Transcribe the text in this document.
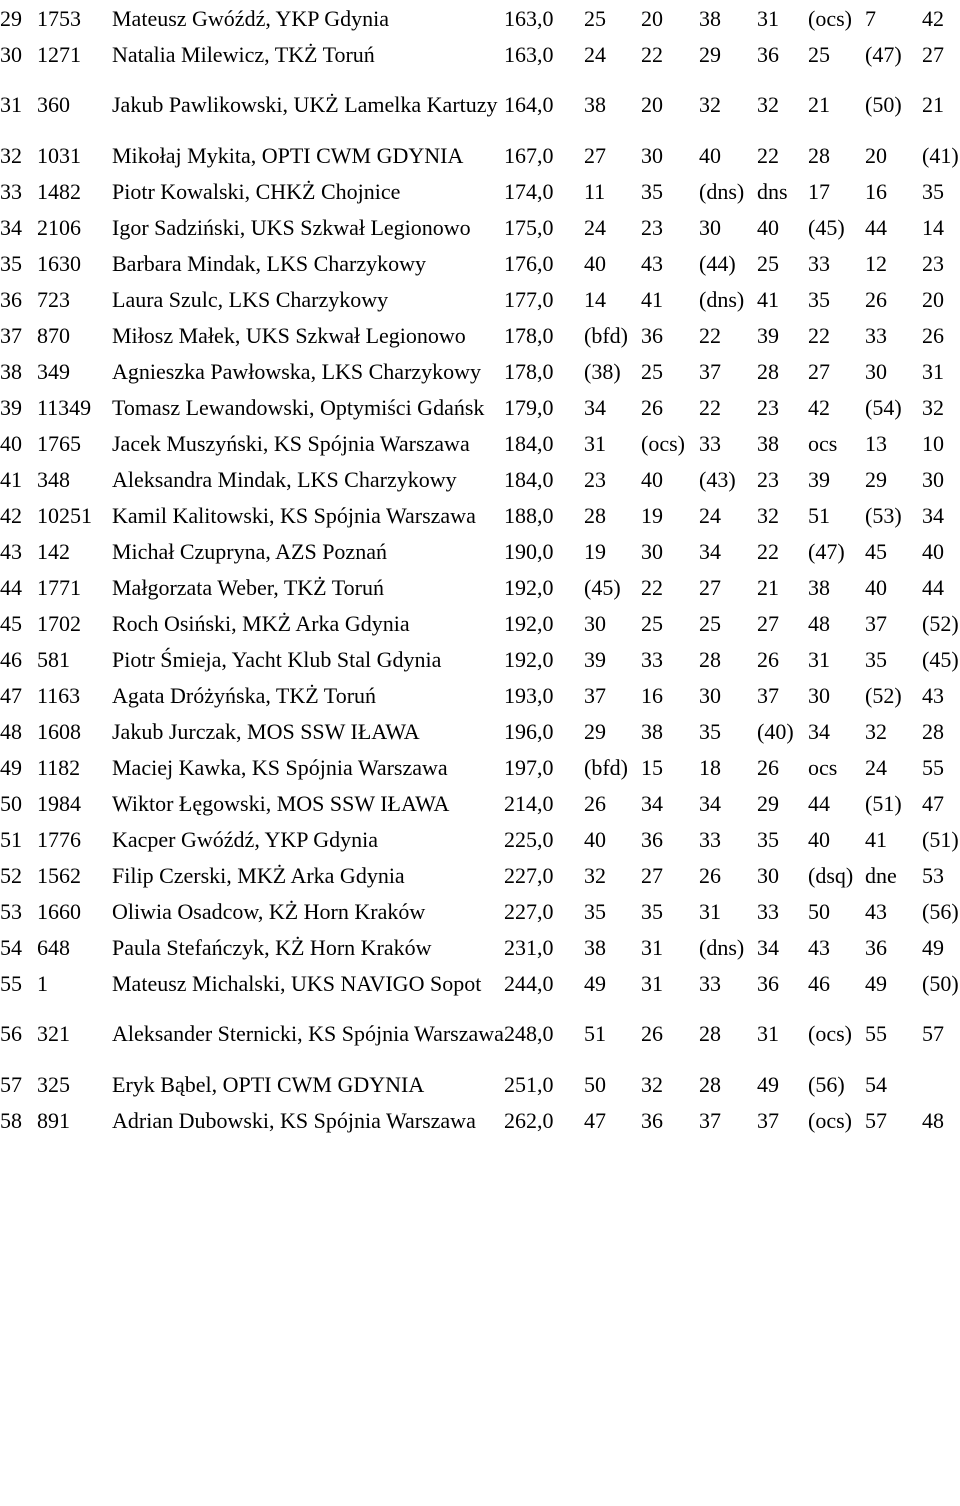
29	1753	Mateusz Gwóźdź, YKP Gdynia	163,0	25	20	38	31	(ocs)	7	42
30	1271	Natalia Milewicz, TKŻ Toruń	163,0	24	22	29	36	25	(47)	27
31	360	Jakub Pawlikowski, UKŻ Lamelka Kartuzy	164,0	38	20	32	32	21	(50)	21
32	1031	Mikołaj Mykita, OPTI CWM GDYNIA	167,0	27	30	40	22	28	20	(41)
33	1482	Piotr Kowalski, CHKŻ Chojnice	174,0	11	35	(dns)	dns	17	16	35
34	2106	Igor Sadziński, UKS Szkwał Legionowo	175,0	24	23	30	40	(45)	44	14
35	1630	Barbara Mindak, LKS Charzykowy	176,0	40	43	(44)	25	33	12	23
36	723	Laura Szulc, LKS Charzykowy	177,0	14	41	(dns)	41	35	26	20
37	870	Miłosz Małek, UKS Szkwał Legionowo	178,0	(bfd)	36	22	39	22	33	26
38	349	Agnieszka Pawłowska, LKS Charzykowy	178,0	(38)	25	37	28	27	30	31
39	11349	Tomasz Lewandowski, Optymiści Gdańsk	179,0	34	26	22	23	42	(54)	32
40	1765	Jacek Muszyński, KS Spójnia Warszawa	184,0	31	(ocs)	33	38	ocs	13	10
41	348	Aleksandra Mindak, LKS Charzykowy	184,0	23	40	(43)	23	39	29	30
42	10251	Kamil Kalitowski, KS Spójnia Warszawa	188,0	28	19	24	32	51	(53)	34
43	142	Michał Czupryna, AZS Poznań	190,0	19	30	34	22	(47)	45	40
44	1771	Małgorzata Weber, TKŻ Toruń	192,0	(45)	22	27	21	38	40	44
45	1702	Roch Osiński, MKŻ Arka Gdynia	192,0	30	25	25	27	48	37	(52)
46	581	Piotr Śmieja, Yacht Klub Stal Gdynia	192,0	39	33	28	26	31	35	(45)
47	1163	Agata Dróżyńska, TKŻ Toruń	193,0	37	16	30	37	30	(52)	43
48	1608	Jakub Jurczak, MOS SSW IŁAWA	196,0	29	38	35	(40)	34	32	28
49	1182	Maciej Kawka, KS Spójnia Warszawa	197,0	(bfd)	15	18	26	ocs	24	55
50	1984	Wiktor Łęgowski, MOS SSW IŁAWA	214,0	26	34	34	29	44	(51)	47
51	1776	Kacper Gwóźdź, YKP Gdynia	225,0	40	36	33	35	40	41	(51)
52	1562	Filip Czerski, MKŻ Arka Gdynia	227,0	32	27	26	30	(dsq)	dne	53
53	1660	Oliwia Osadcow, KŻ Horn Kraków	227,0	35	35	31	33	50	43	(56)
54	648	Paula Stefańczyk, KŻ Horn Kraków	231,0	38	31	(dns)	34	43	36	49
55	1	Mateusz Michalski, UKS NAVIGO Sopot	244,0	49	31	33	36	46	49	(50)
56	321	Aleksander Sternicki, KS Spójnia Warszawa	248,0	51	26	28	31	(ocs)	55	57
57	325	Eryk Bąbel, OPTI CWM GDYNIA	251,0	50	32	28	49	(56)	54	
58	891	Adrian Dubowski, KS Spójnia Warszawa	262,0	47	36	37	37	(ocs)	57	48
